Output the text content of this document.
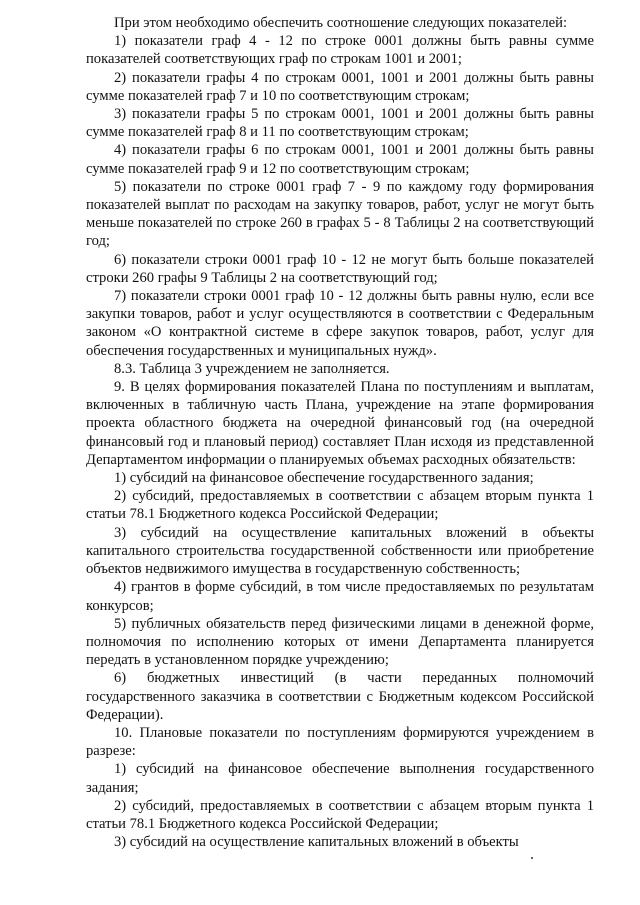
При этом необходимо обеспечить соотношение следующих показателей:

1) показатели граф 4 - 12 по строке 0001 должны быть равны сумме показателей соответствующих граф по строкам 1001 и 2001;

2) показатели графы 4 по строкам 0001, 1001 и 2001 должны быть равны сумме показателей граф 7 и 10 по соответствующим строкам;

3) показатели графы 5 по строкам 0001, 1001 и 2001 должны быть равны сумме показателей граф 8 и 11 по соответствующим строкам;

4) показатели графы 6 по строкам 0001, 1001 и 2001 должны быть равны сумме показателей граф 9 и 12 по соответствующим строкам;

5) показатели по строке 0001 граф 7 - 9 по каждому году формирования показателей выплат по расходам на закупку товаров, работ, услуг не могут быть меньше показателей по строке 260 в графах 5 - 8 Таблицы 2 на соответствующий год;

6) показатели строки 0001 граф 10 - 12 не могут быть больше показателей строки 260 графы 9 Таблицы 2 на соответствующий год;

7) показатели строки 0001 граф 10 - 12 должны быть равны нулю, если все закупки товаров, работ и услуг осуществляются в соответствии с Федеральным законом «О контрактной системе в сфере закупок товаров, работ, услуг для обеспечения государственных и муниципальных нужд».

8.3. Таблица 3 учреждением не заполняется.

9. В целях формирования показателей Плана по поступлениям и выплатам, включенных в табличную часть Плана, учреждение на этапе формирования проекта областного бюджета на очередной финансовый год (на очередной финансовый год и плановый период) составляет План исходя из представленной Департаментом информации о планируемых объемах расходных обязательств:

1) субсидий на финансовое обеспечение государственного задания;

2) субсидий, предоставляемых в соответствии с абзацем вторым пункта 1 статьи 78.1 Бюджетного кодекса Российской Федерации;

3) субсидий на осуществление капитальных вложений в объекты капитального строительства государственной собственности или приобретение объектов недвижимого имущества в государственную собственность;

4) грантов в форме субсидий, в том числе предоставляемых по результатам конкурсов;

5) публичных обязательств перед физическими лицами в денежной форме, полномочия по исполнению которых от имени Департамента планируется передать в установленном порядке учреждению;

6) бюджетных инвестиций (в части переданных полномочий государственного заказчика в соответствии с Бюджетным кодексом Российской Федерации).

10. Плановые показатели по поступлениям формируются учреждением в разрезе:

1) субсидий на финансовое обеспечение выполнения государственного задания;

2) субсидий, предоставляемых в соответствии с абзацем вторым пункта 1 статьи 78.1 Бюджетного кодекса Российской Федерации;

3) субсидий на осуществление капитальных вложений в объекты
